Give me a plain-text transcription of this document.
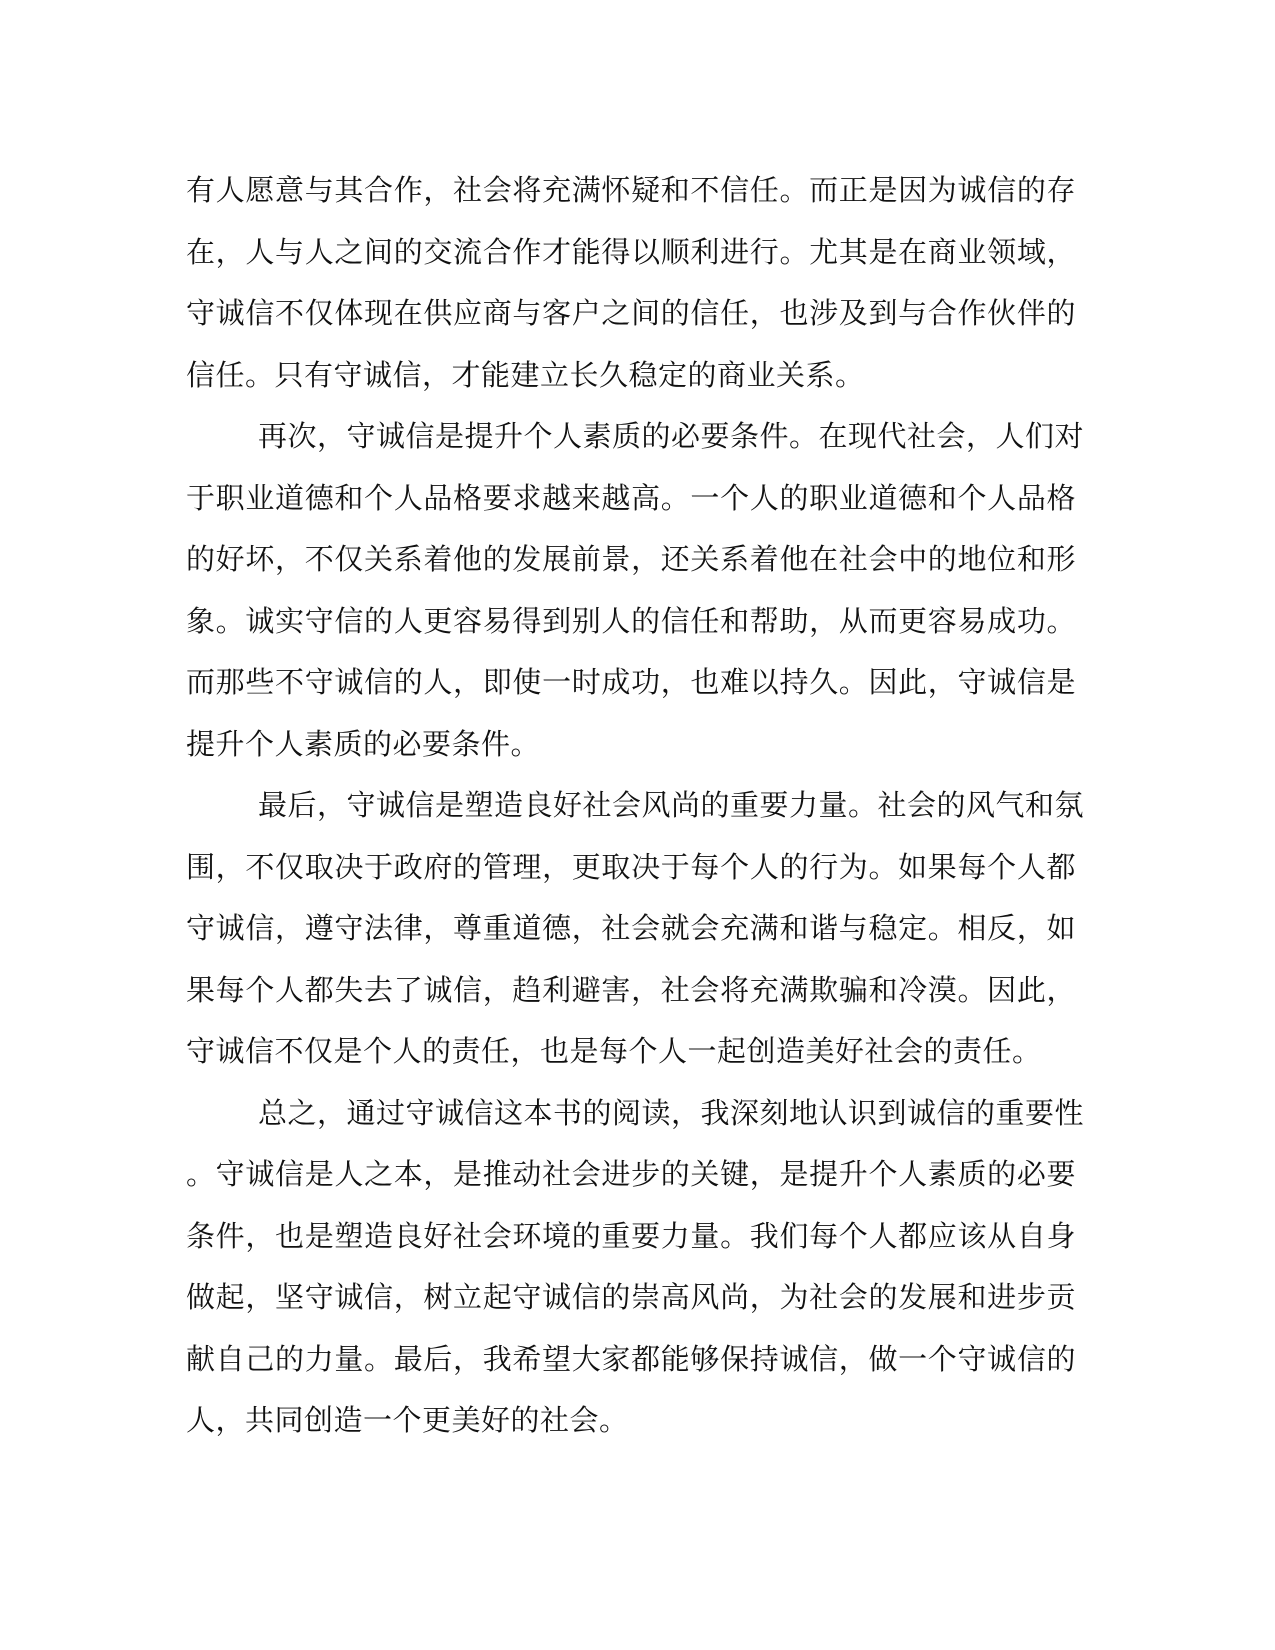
有人愿意与其合作，社会将充满怀疑和不信任。而正是因为诚信的存
在，人与人之间的交流合作才能得以顺利进行。尤其是在商业领域，
守诚信不仅体现在供应商与客户之间的信任，也涉及到与合作伙伴的
信任。只有守诚信，才能建立长久稳定的商业关系。
再次，守诚信是提升个人素质的必要条件。在现代社会，人们对
于职业道德和个人品格要求越来越高。一个人的职业道德和个人品格
的好坏，不仅关系着他的发展前景，还关系着他在社会中的地位和形
象。诚实守信的人更容易得到别人的信任和帮助，从而更容易成功。
而那些不守诚信的人，即使一时成功，也难以持久。因此，守诚信是
提升个人素质的必要条件。
最后，守诚信是塑造良好社会风尚的重要力量。社会的风气和氛
围，不仅取决于政府的管理，更取决于每个人的行为。如果每个人都
守诚信，遵守法律，尊重道德，社会就会充满和谐与稳定。相反，如
果每个人都失去了诚信，趋利避害，社会将充满欺骗和冷漠。因此，
守诚信不仅是个人的责任，也是每个人一起创造美好社会的责任。
总之，通过守诚信这本书的阅读，我深刻地认识到诚信的重要性
。守诚信是人之本，是推动社会进步的关键，是提升个人素质的必要
条件，也是塑造良好社会环境的重要力量。我们每个人都应该从自身
做起，坚守诚信，树立起守诚信的崇高风尚，为社会的发展和进步贡
献自己的力量。最后，我希望大家都能够保持诚信，做一个守诚信的
人，共同创造一个更美好的社会。
